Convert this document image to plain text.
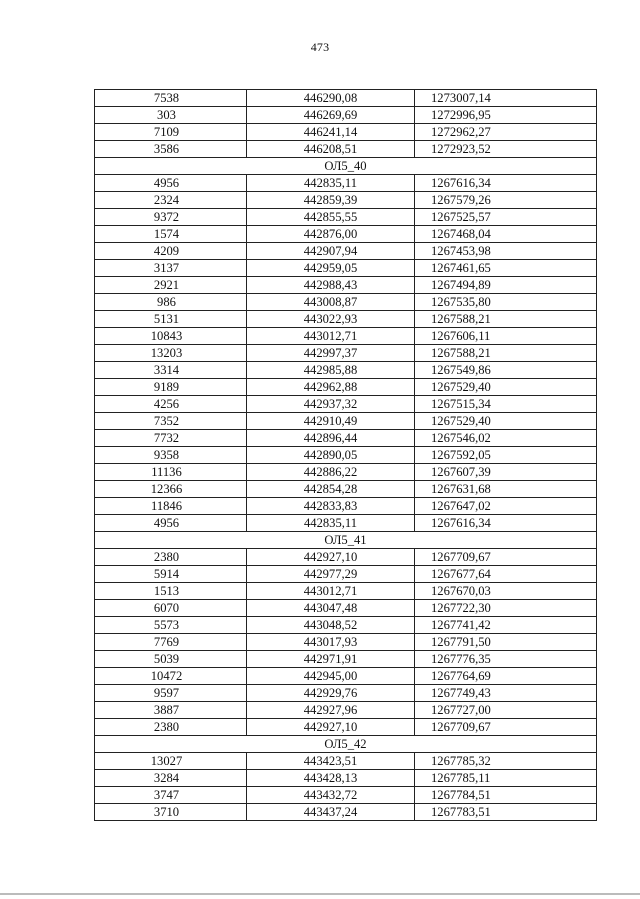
473
7538	446290,08	1273007,14
303	446269,69	1272996,95
7109	446241,14	1272962,27
3586	446208,51	1272923,52
ОЛ5_40		
4956	442835,11	1267616,34
2324	442859,39	1267579,26
9372	442855,55	1267525,57
1574	442876,00	1267468,04
4209	442907,94	1267453,98
3137	442959,05	1267461,65
2921	442988,43	1267494,89
986	443008,87	1267535,80
5131	443022,93	1267588,21
10843	443012,71	1267606,11
13203	442997,37	1267588,21
3314	442985,88	1267549,86
9189	442962,88	1267529,40
4256	442937,32	1267515,34
7352	442910,49	1267529,40
7732	442896,44	1267546,02
9358	442890,05	1267592,05
11136	442886,22	1267607,39
12366	442854,28	1267631,68
11846	442833,83	1267647,02
4956	442835,11	1267616,34
ОЛ5_41		
2380	442927,10	1267709,67
5914	442977,29	1267677,64
1513	443012,71	1267670,03
6070	443047,48	1267722,30
5573	443048,52	1267741,42
7769	443017,93	1267791,50
5039	442971,91	1267776,35
10472	442945,00	1267764,69
9597	442929,76	1267749,43
3887	442927,96	1267727,00
2380	442927,10	1267709,67
ОЛ5_42		
13027	443423,51	1267785,32
3284	443428,13	1267785,11
3747	443432,72	1267784,51
3710	443437,24	1267783,51
